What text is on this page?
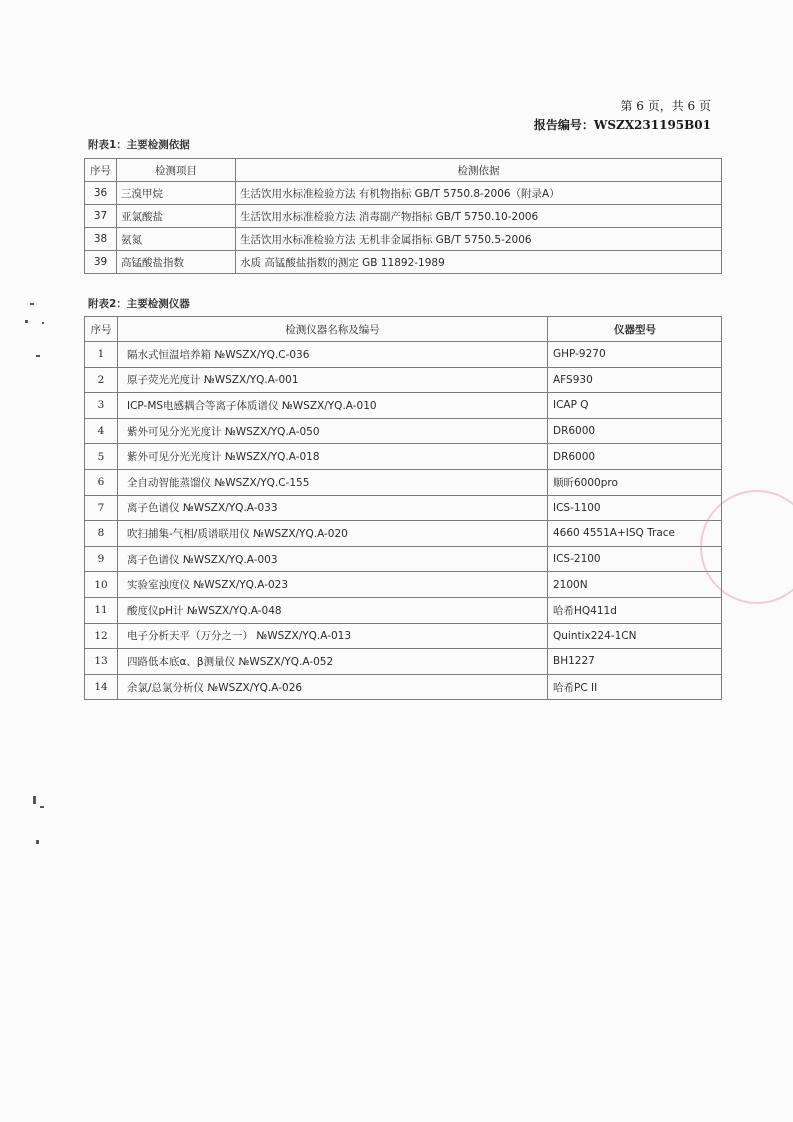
第 6 页，共 6 页
报告编号：WSZX231195B01
附表1：主要检测依据
序号	检测项目	检测依据
36	三溴甲烷	生活饮用水标准检验方法 有机物指标 GB/T 5750.8-2006（附录A）
37	亚氯酸盐	生活饮用水标准检验方法 消毒副产物指标 GB/T 5750.10-2006
38	氨氮	生活饮用水标准检验方法 无机非金属指标 GB/T 5750.5-2006
39	高锰酸盐指数	水质 高锰酸盐指数的测定 GB 11892-1989
附表2：主要检测仪器
序号	检测仪器名称及编号	仪器型号
1	隔水式恒温培养箱 №WSZX/YQ.C-036	GHP-9270
2	原子荧光光度计 №WSZX/YQ.A-001	AFS930
3	ICP-MS电感耦合等离子体质谱仪 №WSZX/YQ.A-010	ICAP Q
4	紫外可见分光光度计 №WSZX/YQ.A-050	DR6000
5	紫外可见分光光度计 №WSZX/YQ.A-018	DR6000
6	全自动智能蒸馏仪 №WSZX/YQ.C-155	顺昕6000pro
7	离子色谱仪 №WSZX/YQ.A-033	ICS-1100
8	吹扫捕集-气相/质谱联用仪 №WSZX/YQ.A-020	4660 4551A+ISQ Trace
9	离子色谱仪 №WSZX/YQ.A-003	ICS-2100
10	实验室浊度仪 №WSZX/YQ.A-023	2100N
11	酸度仪pH计 №WSZX/YQ.A-048	哈希HQ411d
12	电子分析天平（万分之一） №WSZX/YQ.A-013	Quintix224-1CN
13	四路低本底α、β测量仪 №WSZX/YQ.A-052	BH1227
14	余氯/总氯分析仪 №WSZX/YQ.A-026	哈希PC II
